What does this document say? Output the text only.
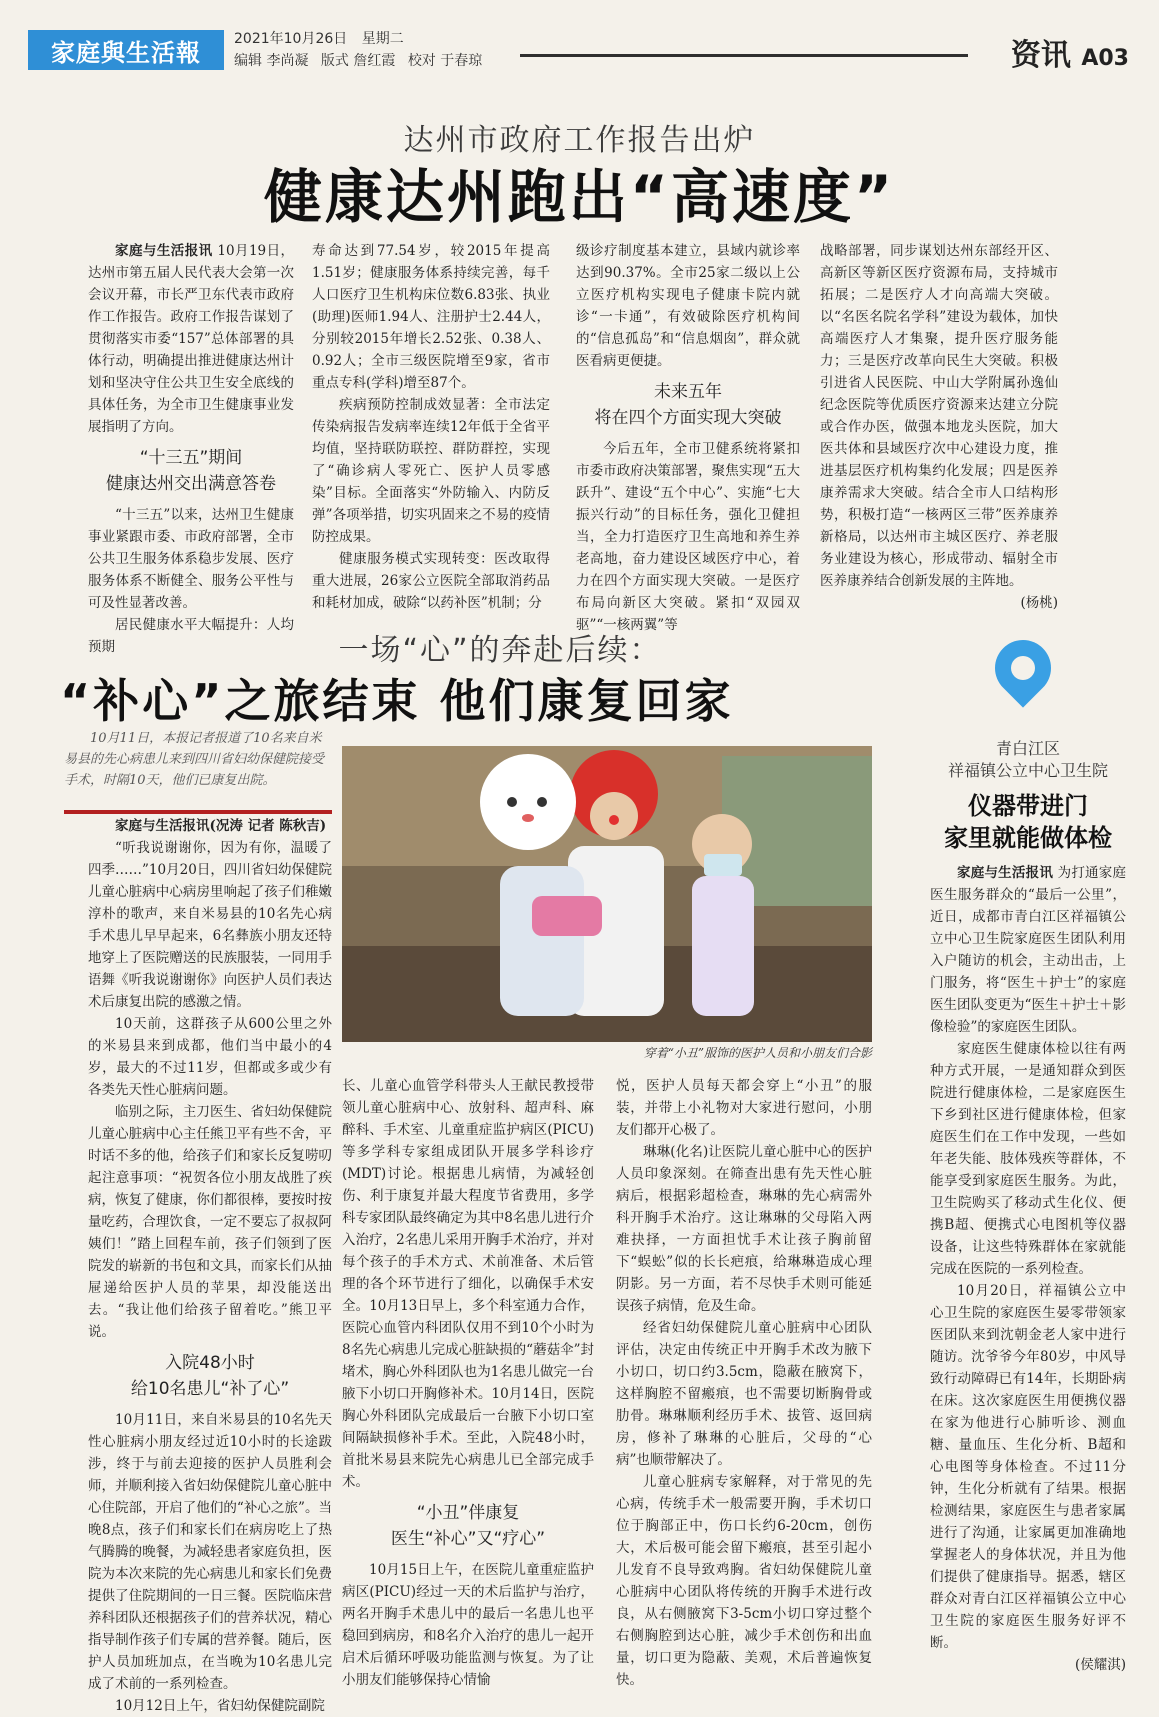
家庭與生活報	2021年10月26日 星期二
编辑 李尚凝 版式 詹红霞 校对 于春琼	资讯 A03
达州市政府工作报告出炉
健康达州跑出“高速度”

家庭与生活报讯 10月19日，达州市第五届人民代表大会第一次会议开幕，市长严卫东代表市政府作工作报告。政府工作报告谋划了贯彻落实市委“157”总体部署的具体行动，明确提出推进健康达州计划和坚决守住公共卫生安全底线的具体任务，为全市卫生健康事业发展指明了方向。

“十三五”期间
健康达州交出满意答卷

“十三五”以来，达州卫生健康事业紧跟市委、市政府部署，全市公共卫生服务体系稳步发展、医疗服务体系不断健全、服务公平性与可及性显著改善。

居民健康水平大幅提升：人均预期

寿命达到77.54岁，较2015年提高1.51岁；健康服务体系持续完善，每千人口医疗卫生机构床位数6.83张、执业(助理)医师1.94人、注册护士2.44人，分别较2015年增长2.52张、0.38人、0.92人；全市三级医院增至9家，省市重点专科(学科)增至87个。

疾病预防控制成效显著：全市法定传染病报告发病率连续12年低于全省平均值，坚持联防联控、群防群控，实现了“确诊病人零死亡、医护人员零感染”目标。全面落实“外防输入、内防反弹”各项举措，切实巩固来之不易的疫情防控成果。

健康服务模式实现转变：医改取得重大进展，26家公立医院全部取消药品和耗材加成，破除“以药补医”机制；分

级诊疗制度基本建立，县域内就诊率达到90.37%。全市25家二级以上公立医疗机构实现电子健康卡院内就诊“一卡通”，有效破除医疗机构间的“信息孤岛”和“信息烟囱”，群众就医看病更便捷。

未来五年
将在四个方面实现大突破

今后五年，全市卫健系统将紧扣市委市政府决策部署，聚焦实现“五大跃升”、建设“五个中心”、实施“七大振兴行动”的目标任务，强化卫健担当，全力打造医疗卫生高地和养生养老高地，奋力建设区域医疗中心，着力在四个方面实现大突破。一是医疗布局向新区大突破。紧扣“双园双驱”“一核两翼”等

战略部署，同步谋划达州东部经开区、高新区等新区医疗资源布局，支持城市拓展；二是医疗人才向高端大突破。以“名医名院名学科”建设为载体，加快高端医疗人才集聚，提升医疗服务能力；三是医疗改革向民生大突破。积极引进省人民医院、中山大学附属孙逸仙纪念医院等优质医疗资源来达建立分院或合作办医，做强本地龙头医院，加大医共体和县域医疗次中心建设力度，推进基层医疗机构集约化发展；四是医养康养需求大突破。结合全市人口结构形势，积极打造“一核两区三带”医养康养新格局，以达州市主城区医疗、养老服务业建设为核心，形成带动、辐射全市医养康养结合创新发展的主阵地。

(杨桃)

一场“心”的奔赴后续：
“补心”之旅结束 他们康复回家
10月11日，本报记者报道了10名来自米易县的先心病患儿来到四川省妇幼保健院接受手术，时隔10天，他们已康复出院。
穿着“小丑”服饰的医护人员和小朋友们合影

家庭与生活报讯(况涛 记者 陈秋吉)

“听我说谢谢你，因为有你，温暖了四季……”10月20日，四川省妇幼保健院儿童心脏病中心病房里响起了孩子们稚嫩淳朴的歌声，来自米易县的10名先心病手术患儿早早起来，6名彝族小朋友还特地穿上了医院赠送的民族服装，一同用手语舞《听我说谢谢你》向医护人员们表达术后康复出院的感激之情。

10天前，这群孩子从600公里之外的米易县来到成都，他们当中最小的4岁，最大的不过11岁，但都或多或少有各类先天性心脏病问题。

临别之际，主刀医生、省妇幼保健院儿童心脏病中心主任熊卫平有些不舍，平时话不多的他，给孩子们和家长反复唠叨起注意事项：“祝贺各位小朋友战胜了疾病，恢复了健康，你们都很棒，要按时按量吃药，合理饮食，一定不要忘了叔叔阿姨们！”踏上回程车前，孩子们领到了医院发的崭新的书包和文具，而家长们从抽屉递给医护人员的苹果，却没能送出去。“我让他们给孩子留着吃。”熊卫平说。

入院48小时
给10名患儿“补了心”

10月11日，来自米易县的10名先天性心脏病小朋友经过近10小时的长途跋涉，终于与前去迎接的医护人员胜利会师，并顺利接入省妇幼保健院儿童心脏中心住院部，开启了他们的“补心之旅”。当晚8点，孩子们和家长们在病房吃上了热气腾腾的晚餐，为减轻患者家庭负担，医院为本次来院的先心病患儿和家长们免费提供了住院期间的一日三餐。医院临床营养科团队还根据孩子们的营养状况，精心指导制作孩子们专属的营养餐。随后，医护人员加班加点，在当晚为10名患儿完成了术前的一系列检查。

10月12日上午，省妇幼保健院副院

长、儿童心血管学科带头人王献民教授带领儿童心脏病中心、放射科、超声科、麻醉科、手术室、儿童重症监护病区(PICU)等多学科专家组成团队开展多学科诊疗(MDT)讨论。根据患儿病情，为减轻创伤、利于康复并最大程度节省费用，多学科专家团队最终确定为其中8名患儿进行介入治疗，2名患儿采用开胸手术治疗，并对每个孩子的手术方式、术前准备、术后管理的各个环节进行了细化，以确保手术安全。10月13日早上，多个科室通力合作，医院心血管内科团队仅用不到10个小时为8名先心病患儿完成心脏缺损的“蘑菇伞”封堵术，胸心外科团队也为1名患儿做完一台腋下小切口开胸修补术。10月14日，医院胸心外科团队完成最后一台腋下小切口室间隔缺损修补手术。至此，入院48小时，首批米易县来院先心病患儿已全部完成手术。

“小丑”伴康复
医生“补心”又“疗心”

10月15日上午，在医院儿童重症监护病区(PICU)经过一天的术后监护与治疗，两名开胸手术患儿中的最后一名患儿也平稳回到病房，和8名介入治疗的患儿一起开启术后循环呼吸功能监测与恢复。为了让小朋友们能够保持心情愉

悦，医护人员每天都会穿上“小丑”的服装，并带上小礼物对大家进行慰问，小朋友们都开心极了。

琳琳(化名)让医院儿童心脏中心的医护人员印象深刻。在筛查出患有先天性心脏病后，根据彩超检查，琳琳的先心病需外科开胸手术治疗。这让琳琳的父母陷入两难抉择，一方面担忧手术让孩子胸前留下“蜈蚣”似的长长疤痕，给琳琳造成心理阴影。另一方面，若不尽快手术则可能延误孩子病情，危及生命。

经省妇幼保健院儿童心脏病中心团队评估，决定由传统正中开胸手术改为腋下小切口，切口约3.5cm，隐蔽在腋窝下，这样胸腔不留瘢痕，也不需要切断胸骨或肋骨。琳琳顺利经历手术、拔管、返回病房，修补了琳琳的心脏后，父母的“心病”也顺带解决了。

儿童心脏病专家解释，对于常见的先心病，传统手术一般需要开胸，手术切口位于胸部正中，伤口长约6-20cm，创伤大，术后极可能会留下瘢痕，甚至引起小儿发育不良导致鸡胸。省妇幼保健院儿童心脏病中心团队将传统的开胸手术进行改良，从右侧腋窝下3-5cm小切口穿过整个右侧胸腔到达心脏，减少手术创伤和出血量，切口更为隐蔽、美观，术后普遍恢复快。

青白江区
祥福镇公立中心卫生院
仪器带进门
家里就能做体检

家庭与生活报讯 为打通家庭医生服务群众的“最后一公里”，近日，成都市青白江区祥福镇公立中心卫生院家庭医生团队利用入户随访的机会，主动出击，上门服务，将“医生＋护士”的家庭医生团队变更为“医生＋护士＋影像检验”的家庭医生团队。

家庭医生健康体检以往有两种方式开展，一是通知群众到医院进行健康体检，二是家庭医生下乡到社区进行健康体检，但家庭医生们在工作中发现，一些如年老失能、肢体残疾等群体，不能享受到家庭医生服务。为此，卫生院购买了移动式生化仪、便携B超、便携式心电图机等仪器设备，让这些特殊群体在家就能完成在医院的一系列检查。

10月20日，祥福镇公立中心卫生院的家庭医生晏零带领家医团队来到沈朝金老人家中进行随访。沈爷爷今年80岁，中风导致行动障碍已有14年，长期卧病在床。这次家庭医生用便携仪器在家为他进行心肺听诊、测血糖、量血压、生化分析、B超和心电图等身体检查。不过11分钟，生化分析就有了结果。根据检测结果，家庭医生与患者家属进行了沟通，让家属更加准确地掌握老人的身体状况，并且为他们提供了健康指导。据悉，辖区群众对青白江区祥福镇公立中心卫生院的家庭医生服务好评不断。

(侯耀淇)
